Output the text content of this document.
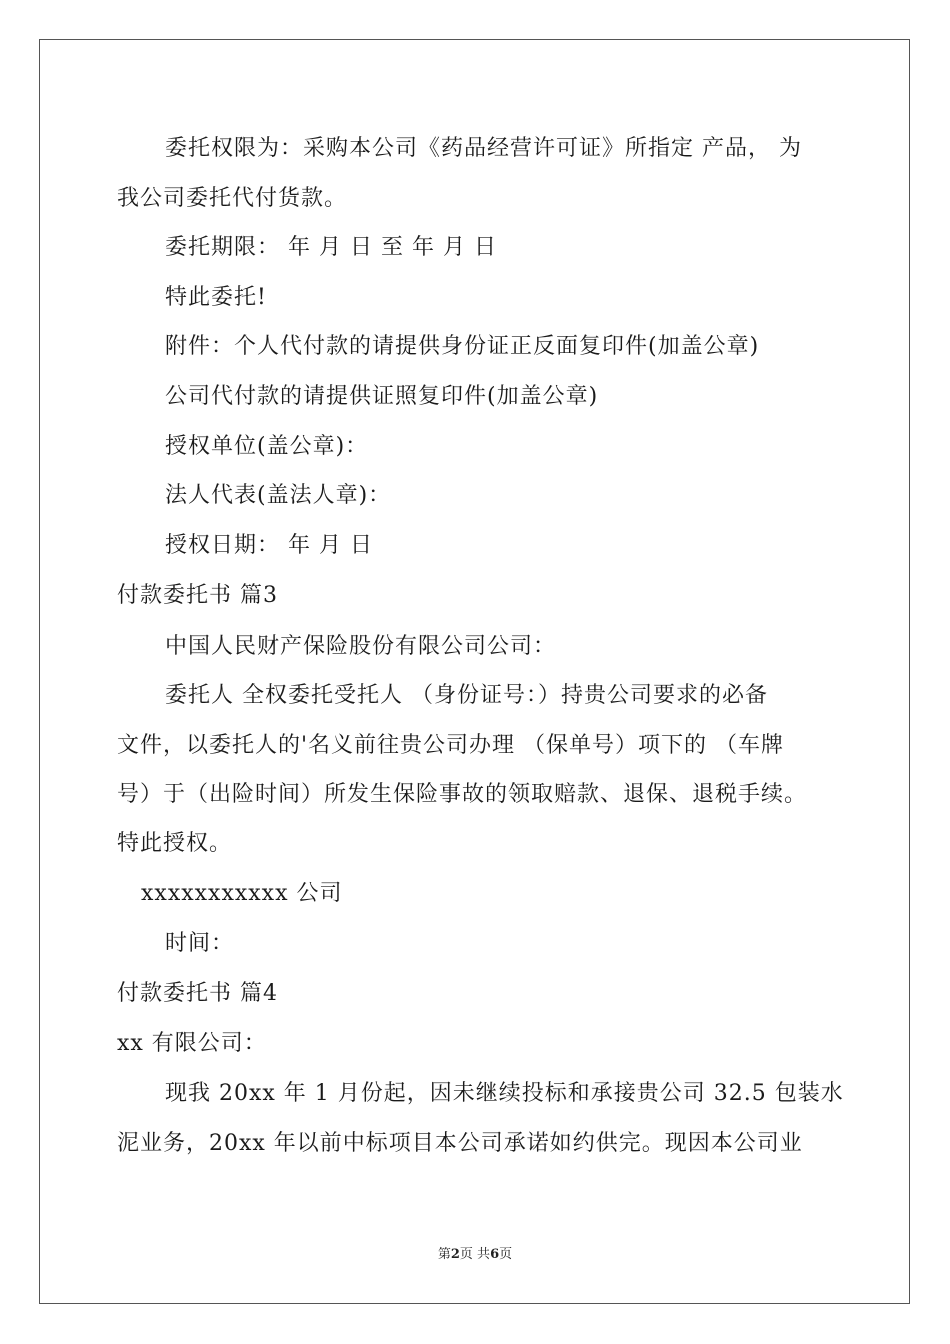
委托权限为：采购本公司《药品经营许可证》所指定 产品， 为
我公司委托代付货款。
委托期限： 年 月 日 至 年 月 日
特此委托!
附件：个人代付款的请提供身份证正反面复印件(加盖公章)
公司代付款的请提供证照复印件(加盖公章)
授权单位(盖公章)：
法人代表(盖法人章)：
授权日期： 年 月 日
付款委托书 篇3
中国人民财产保险股份有限公司公司：
委托人 全权委托受托人 （身份证号：）持贵公司要求的必备
文件，以委托人的'名义前往贵公司办理 （保单号）项下的 （车牌
号）于（出险时间）所发生保险事故的领取赔款、退保、退税手续。
特此授权。
xxxxxxxxxxx 公司
时间：
付款委托书 篇4
xx 有限公司：
现我 20xx 年 1 月份起，因未继续投标和承接贵公司 32.5 包装水
泥业务，20xx 年以前中标项目本公司承诺如约供完。现因本公司业
第2页 共6页
